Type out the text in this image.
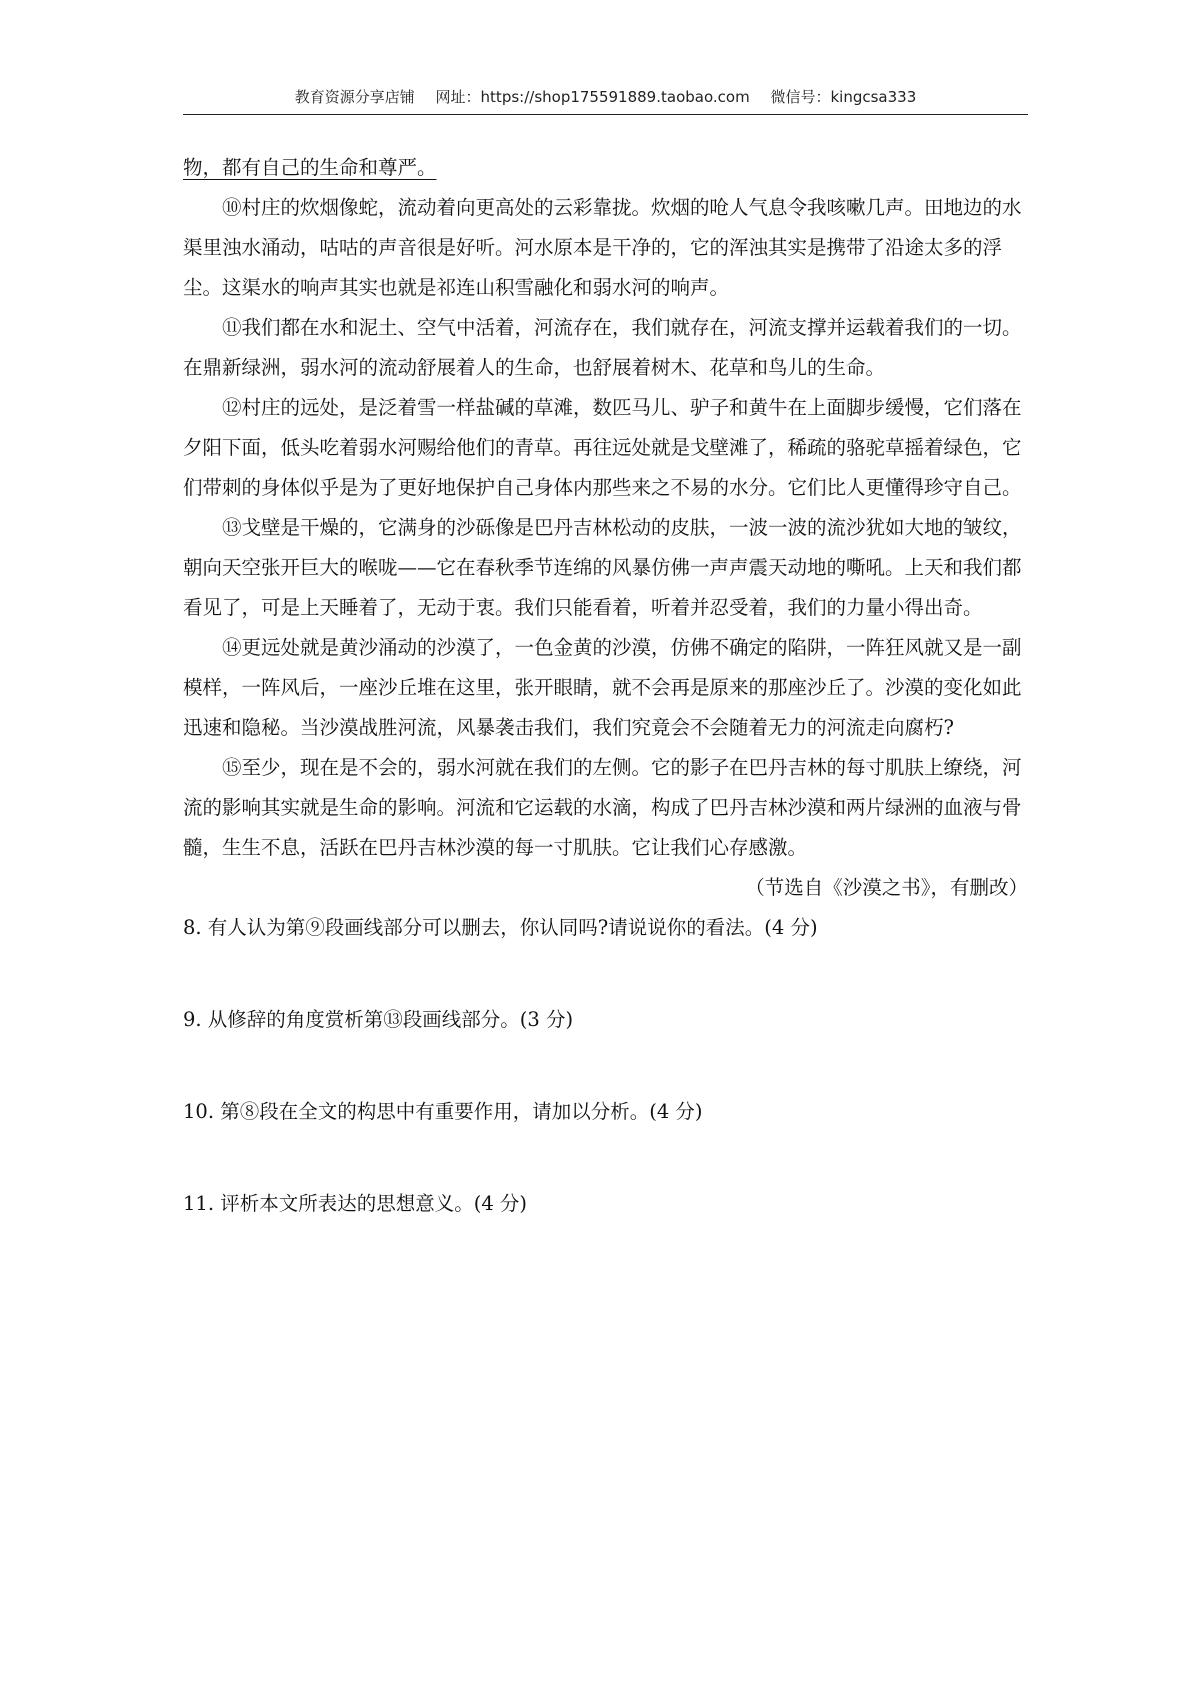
教育资源分享店铺 网址：https://shop175591889.taobao.com 微信号：kingcsa333

物，都有自己的生命和尊严。

⑩村庄的炊烟像蛇，流动着向更高处的云彩靠拢。炊烟的呛人气息令我咳嗽几声。田地边的水渠里浊水涌动，咕咕的声音很是好听。河水原本是干净的，它的浑浊其实是携带了沿途太多的浮尘。这渠水的响声其实也就是祁连山积雪融化和弱水河的响声。

⑪我们都在水和泥土、空气中活着，河流存在，我们就存在，河流支撑并运载着我们的一切。在鼎新绿洲，弱水河的流动舒展着人的生命，也舒展着树木、花草和鸟儿的生命。

⑫村庄的远处，是泛着雪一样盐碱的草滩，数匹马儿、驴子和黄牛在上面脚步缓慢，它们落在夕阳下面，低头吃着弱水河赐给他们的青草。再往远处就是戈壁滩了，稀疏的骆驼草摇着绿色，它们带刺的身体似乎是为了更好地保护自己身体内那些来之不易的水分。它们比人更懂得珍守自己。

⑬戈壁是干燥的，它满身的沙砾像是巴丹吉林松动的皮肤，一波一波的流沙犹如大地的皱纹，朝向天空张开巨大的喉咙——它在春秋季节连绵的风暴仿佛一声声震天动地的嘶吼。上天和我们都看见了，可是上天睡着了，无动于衷。我们只能看着，听着并忍受着，我们的力量小得出奇。

⑭更远处就是黄沙涌动的沙漠了，一色金黄的沙漠，仿佛不确定的陷阱，一阵狂风就又是一副模样，一阵风后，一座沙丘堆在这里，张开眼睛，就不会再是原来的那座沙丘了。沙漠的变化如此迅速和隐秘。当沙漠战胜河流，风暴袭击我们，我们究竟会不会随着无力的河流走向腐朽?

⑮至少，现在是不会的，弱水河就在我们的左侧。它的影子在巴丹吉林的每寸肌肤上缭绕，河流的影响其实就是生命的影响。河流和它运载的水滴，构成了巴丹吉林沙漠和两片绿洲的血液与骨髓，生生不息，活跃在巴丹吉林沙漠的每一寸肌肤。它让我们心存感激。

（节选自《沙漠之书》，有删改）

8. 有人认为第⑨段画线部分可以删去，你认同吗?请说说你的看法。(4 分)

9. 从修辞的角度赏析第⑬段画线部分。(3 分)

10. 第⑧段在全文的构思中有重要作用，请加以分析。(4 分)

11. 评析本文所表达的思想意义。(4 分)
